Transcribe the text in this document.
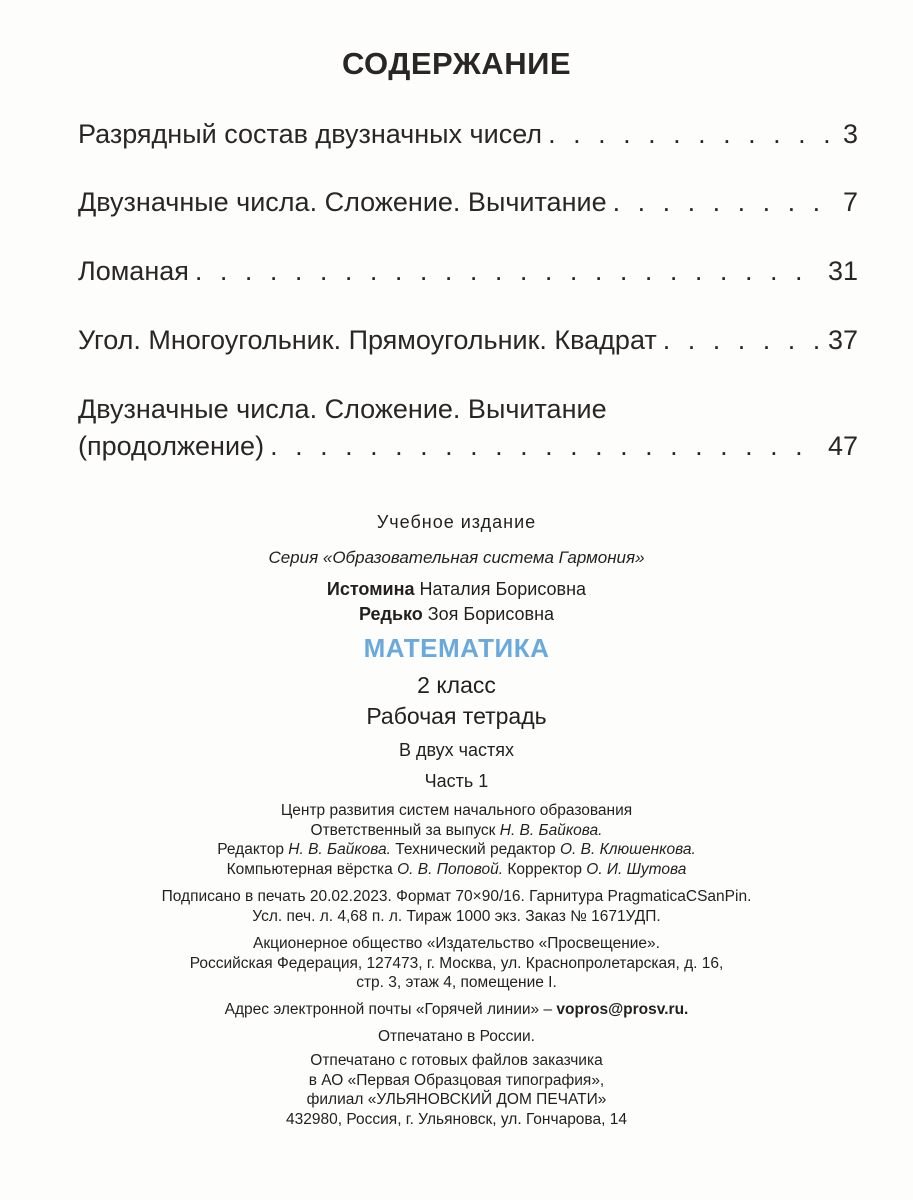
СОДЕРЖАНИЕ
Разрядный состав двузначных чисел . . .	3
Двузначные числа. Сложение. Вычитание . . .	7
Ломаная . . .	31
Угол. Многоугольник. Прямоугольник. Квадрат . . .	37
Двузначные числа. Сложение. Вычитание
(продолжение) . . .	47
Учебное издание
Серия «Образовательная система Гармония»
Истомина Наталия Борисовна
Редько Зоя Борисовна
МАТЕМАТИКА
2 класс
Рабочая тетрадь
В двух частях
Часть 1
Центр развития систем начального образования
Ответственный за выпуск Н. В. Байкова.
Редактор Н. В. Байкова. Технический редактор О. В. Клюшенкова.
Компьютерная вёрстка О. В. Поповой. Корректор О. И. Шутова
Подписано в печать 20.02.2023. Формат 70×90/16. Гарнитура PragmaticaCSanPin.
Усл. печ. л. 4,68 п. л. Тираж 1000 экз. Заказ № 1671УДП.
Акционерное общество «Издательство «Просвещение».
Российская Федерация, 127473, г. Москва, ул. Краснопролетарская, д. 16,
стр. 3, этаж 4, помещение I.
Адрес электронной почты «Горячей линии» – vopros@prosv.ru.
Отпечатано в России.
Отпечатано с готовых файлов заказчика
в АО «Первая Образцовая типография»,
филиал «УЛЬЯНОВСКИЙ ДОМ ПЕЧАТИ»
432980, Россия, г. Ульяновск, ул. Гончарова, 14
